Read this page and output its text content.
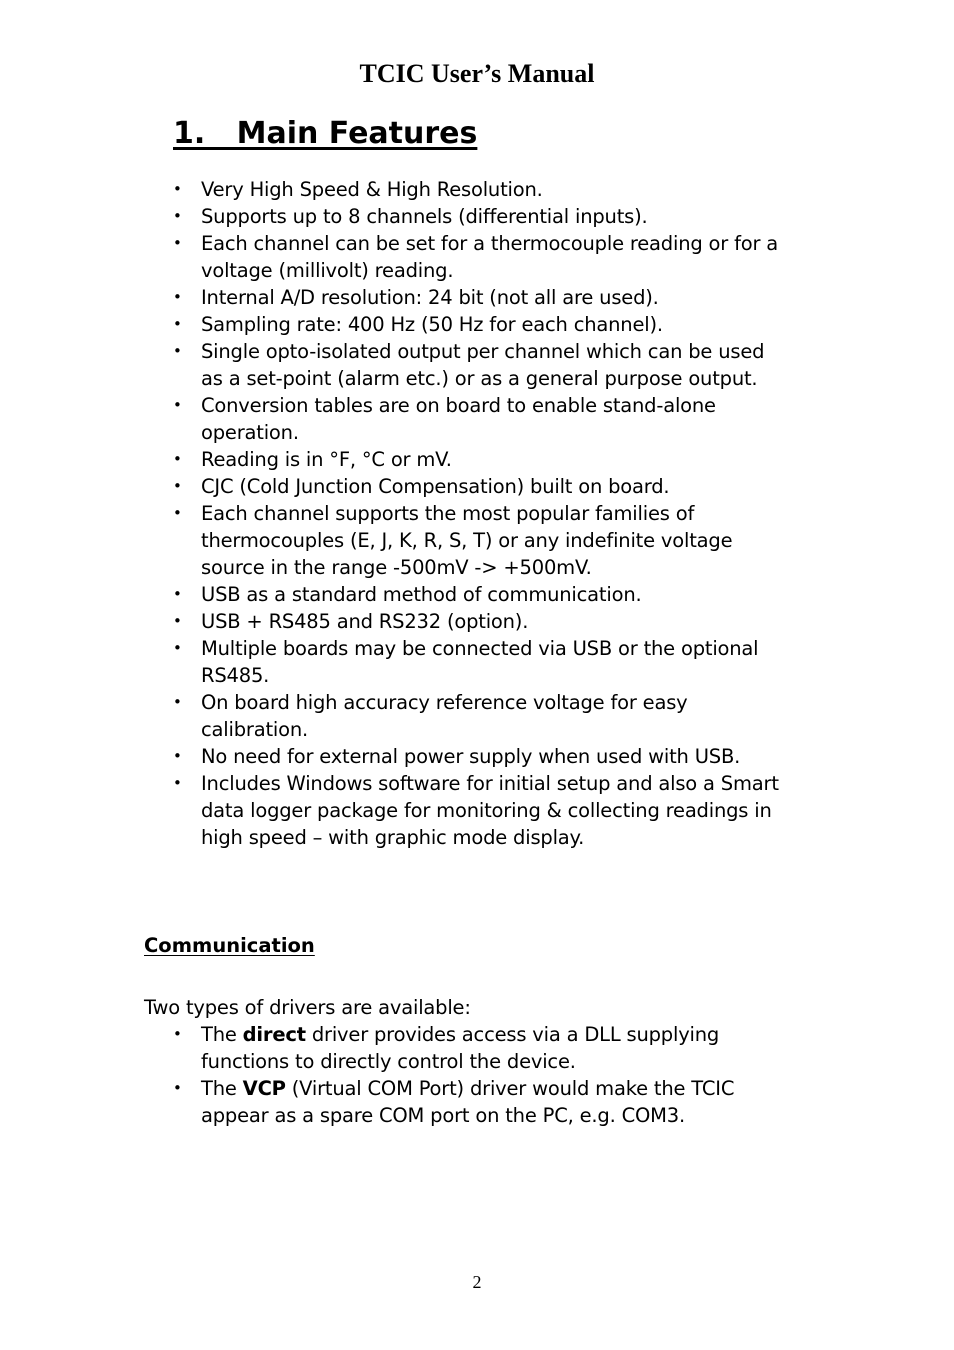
TCIC User’s Manual
1.   Main Features
• Very High Speed & High Resolution.
• Supports up to 8 channels (differential inputs).
• Each channel can be set for a thermocouple reading or for a voltage (millivolt) reading.
• Internal A/D resolution: 24 bit (not all are used).
• Sampling rate: 400 Hz (50 Hz for each channel).
• Single opto-isolated output per channel which can be used as a set-point (alarm etc.) or as a general purpose output.
• Conversion tables are on board to enable stand-alone operation.
• Reading is in °F, °C or mV.
• CJC (Cold Junction Compensation) built on board.
• Each channel supports the most popular families of thermocouples (E, J, K, R, S, T) or any indefinite voltage source in the range -500mV -> +500mV.
• USB as a standard method of communication.
• USB + RS485 and RS232 (option).
• Multiple boards may be connected via USB or the optional RS485.
• On board high accuracy reference voltage for easy calibration.
• No need for external power supply when used with USB.
• Includes Windows software for initial setup and also a Smart data logger package for monitoring & collecting readings in high speed – with graphic mode display.
Communication

Two types of drivers are available:

• The direct driver provides access via a DLL supplying functions to directly control the device.
• The VCP (Virtual COM Port) driver would make the TCIC appear as a spare COM port on the PC, e.g. COM3.
2
